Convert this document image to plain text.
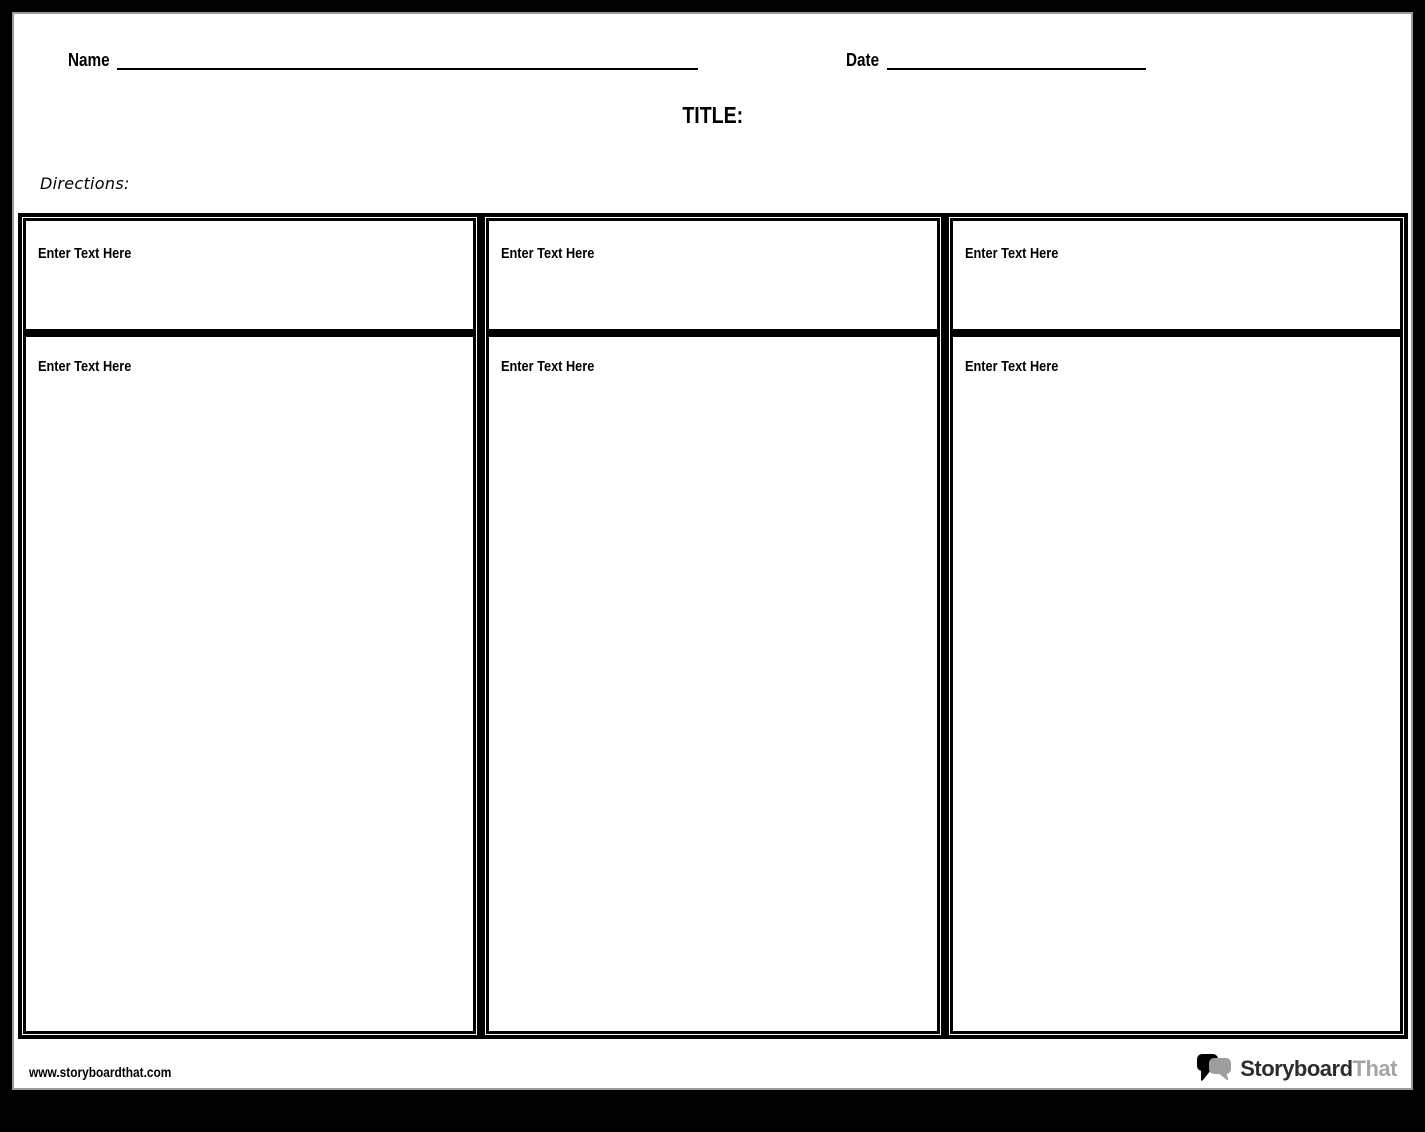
Name	Date
TITLE:
Directions:
Enter Text Here
Enter Text Here
Enter Text Here
Enter Text Here
Enter Text Here
Enter Text Here
www.storyboardthat.com	StoryboardThat
